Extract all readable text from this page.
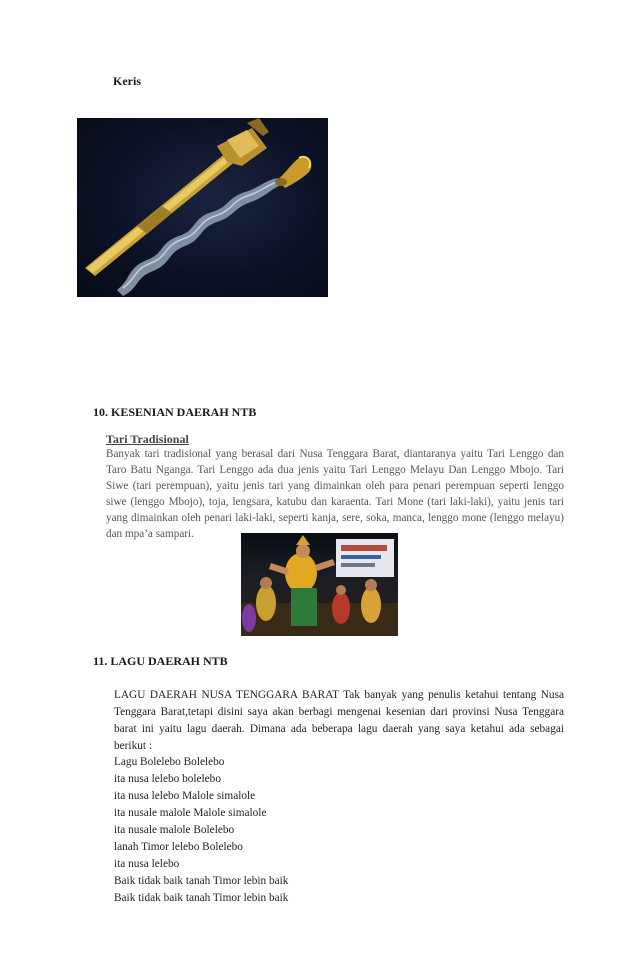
Keris
10. KESENIAN DAERAH NTB
Tari Tradisional
Banyak tari tradisional yang berasal dari Nusa Tenggara Barat, diantaranya yaitu Tari Lenggo dan Taro Batu Nganga. Tari Lenggo ada dua jenis yaitu Tari Lenggo Melayu Dan Lenggo Mbojo. Tari Siwe (tari perempuan), yaitu jenis tari yang dimainkan oleh para penari perempuan seperti lenggo siwe (lenggo Mbojo), toja, lengsara, katubu dan karaenta. Tari Mone (tari laki-laki), yaitu jenis tari yang dimainkan oleh penari laki-laki, seperti kanja, sere, soka, manca, lenggo mone (lenggo melayu) dan mpa’a sampari.
11. LAGU DAERAH NTB
LAGU DAERAH NUSA TENGGARA BARAT Tak banyak yang penulis ketahui tentang Nusa Tenggara Barat,tetapi disini saya akan berbagi mengenai kesenian dari provinsi Nusa Tenggara barat ini yaitu lagu daerah. Dimana ada beberapa lagu daerah yang saya ketahui ada sebagai berikut :
Lagu Bolelebo Bolelebo
ita nusa lelebo bolelebo
ita nusa lelebo Malole simalole
ita nusale malole Malole simalole
ita nusale malole Bolelebo
lanah Timor lelebo Bolelebo
ita nusa lelebo
Baik tidak baik tanah Timor lebin baik
Baik tidak baik tanah Timor lebin baik
